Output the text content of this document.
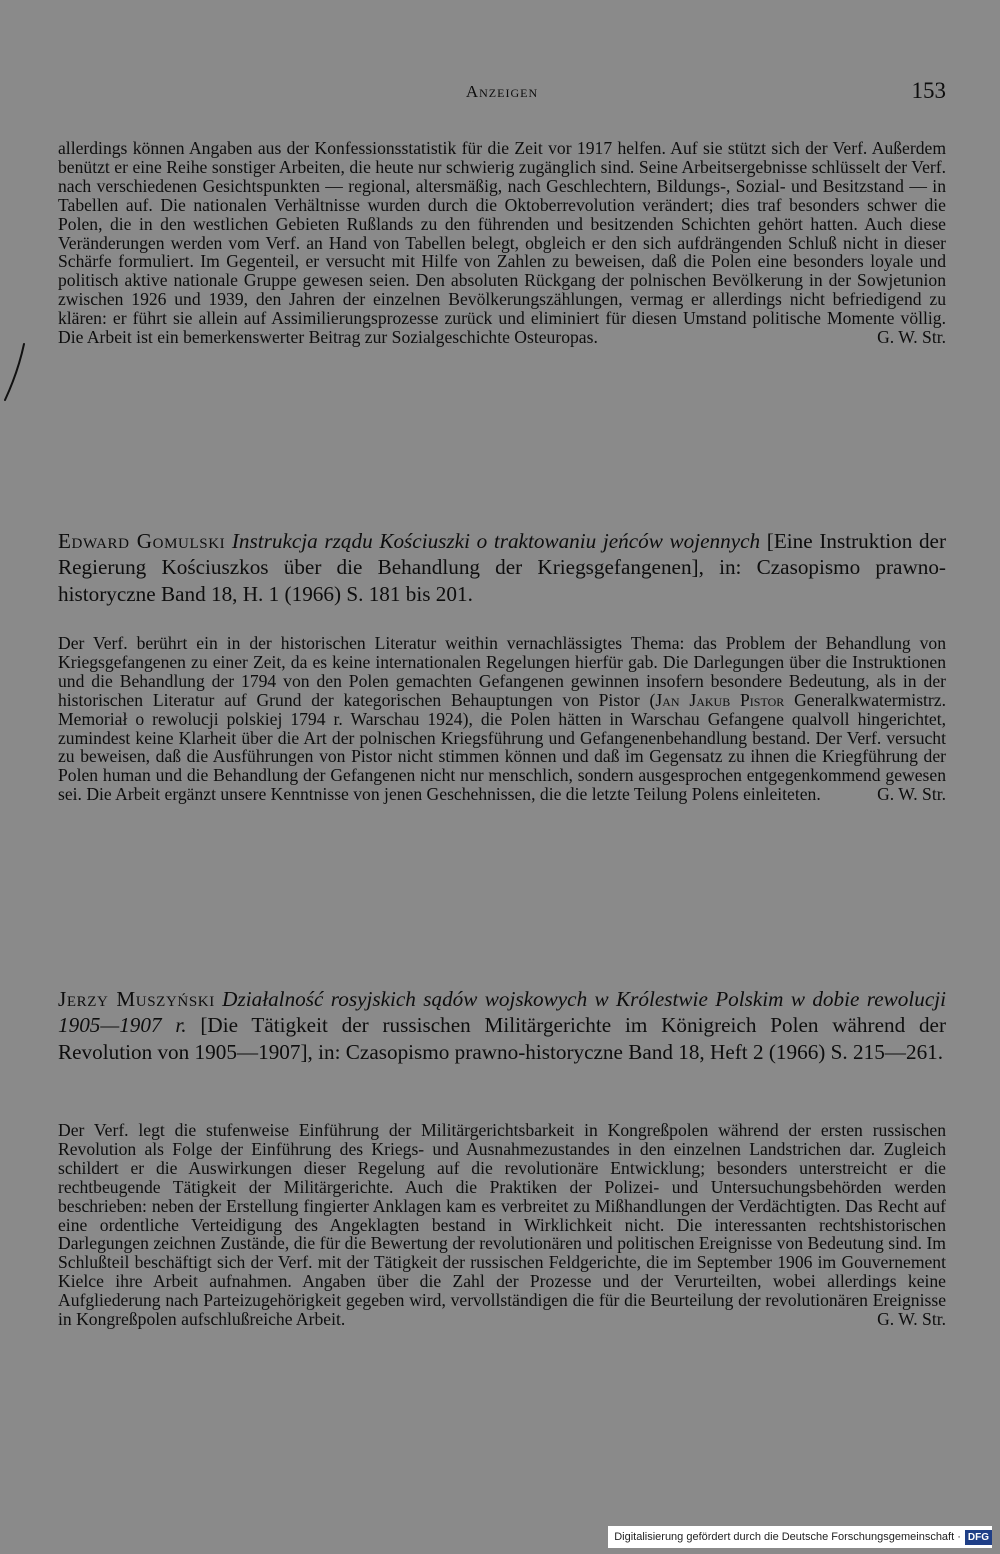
Anzeigen	153

allerdings können Angaben aus der Konfessionsstatistik für die Zeit vor 1917 helfen. Auf sie stützt sich der Verf. Außerdem benützt er eine Reihe sonstiger Arbeiten, die heute nur schwierig zugänglich sind. Seine Arbeitsergebnisse schlüsselt der Verf. nach verschiedenen Gesichtspunkten — regional, altersmäßig, nach Geschlechtern, Bildungs-, Sozial- und Besitzstand — in Tabellen auf. Die nationalen Verhältnisse wurden durch die Oktoberrevolution verändert; dies traf besonders schwer die Polen, die in den westlichen Gebieten Rußlands zu den führenden und besitzenden Schichten gehört hatten. Auch diese Veränderungen werden vom Verf. an Hand von Tabellen belegt, obgleich er den sich aufdrängenden Schluß nicht in dieser Schärfe formuliert. Im Gegenteil, er versucht mit Hilfe von Zahlen zu beweisen, daß die Polen eine besonders loyale und politisch aktive nationale Gruppe gewesen seien. Den absoluten Rückgang der polnischen Bevölkerung in der Sowjetunion zwischen 1926 und 1939, den Jahren der einzelnen Bevölkerungszählungen, vermag er allerdings nicht befriedigend zu klären: er führt sie allein auf Assimilierungsprozesse zurück und eliminiert für diesen Umstand politische Momente völlig. Die Arbeit ist ein bemerkenswerter Beitrag zur Sozialgeschichte Osteuropas.	G. W. Str.

Edward Gomulski Instrukcja rządu Kościuszki o traktowaniu jeńców wojennych [Eine Instruktion der Regierung Kościuszkos über die Behandlung der Kriegsgefangenen], in: Czasopismo prawno-historyczne Band 18, H. 1 (1966) S. 181 bis 201.

Der Verf. berührt ein in der historischen Literatur weithin vernachlässigtes Thema: das Problem der Behandlung von Kriegsgefangenen zu einer Zeit, da es keine internationalen Regelungen hierfür gab. Die Darlegungen über die Instruktionen und die Behandlung der 1794 von den Polen gemachten Gefangenen gewinnen insofern besondere Bedeutung, als in der historischen Literatur auf Grund der kategorischen Behauptungen von Pistor (Jan Jakub Pistor Generalkwatermistrz. Memoriał o rewolucji polskiej 1794 r. Warschau 1924), die Polen hätten in Warschau Gefangene qualvoll hingerichtet, zumindest keine Klarheit über die Art der polnischen Kriegsführung und Gefangenenbehandlung bestand. Der Verf. versucht zu beweisen, daß die Ausführungen von Pistor nicht stimmen können und daß im Gegensatz zu ihnen die Kriegführung der Polen human und die Behandlung der Gefangenen nicht nur menschlich, sondern ausgesprochen entgegenkommend gewesen sei. Die Arbeit ergänzt unsere Kenntnisse von jenen Geschehnissen, die die letzte Teilung Polens einleiteten.	G. W. Str.

Jerzy Muszyński Działalność rosyjskich sądów wojskowych w Królestwie Polskim w dobie rewolucji 1905—1907 r. [Die Tätigkeit der russischen Militärgerichte im Königreich Polen während der Revolution von 1905—1907], in: Czasopismo prawno-historyczne Band 18, Heft 2 (1966) S. 215—261.

Der Verf. legt die stufenweise Einführung der Militärgerichtsbarkeit in Kongreßpolen während der ersten russischen Revolution als Folge der Einführung des Kriegs- und Ausnahmezustandes in den einzelnen Landstrichen dar. Zugleich schildert er die Auswirkungen dieser Regelung auf die revolutionäre Entwicklung; besonders unterstreicht er die rechtbeugende Tätigkeit der Militärgerichte. Auch die Praktiken der Polizei- und Untersuchungsbehörden werden beschrieben: neben der Erstellung fingierter Anklagen kam es verbreitet zu Mißhandlungen der Verdächtigten. Das Recht auf eine ordentliche Verteidigung des Angeklagten bestand in Wirklichkeit nicht. Die interessanten rechtshistorischen Darlegungen zeichnen Zustände, die für die Bewertung der revolutionären und politischen Ereignisse von Bedeutung sind. Im Schlußteil beschäftigt sich der Verf. mit der Tätigkeit der russischen Feldgerichte, die im September 1906 im Gouvernement Kielce ihre Arbeit aufnahmen. Angaben über die Zahl der Prozesse und der Verurteilten, wobei allerdings keine Aufgliederung nach Parteizugehörigkeit gegeben wird, vervollständigen die für die Beurteilung der revolutionären Ereignisse in Kongreßpolen aufschlußreiche Arbeit.	G. W. Str.

Digitalisierung gefördert durch die Deutsche Forschungsgemeinschaft · DFG
